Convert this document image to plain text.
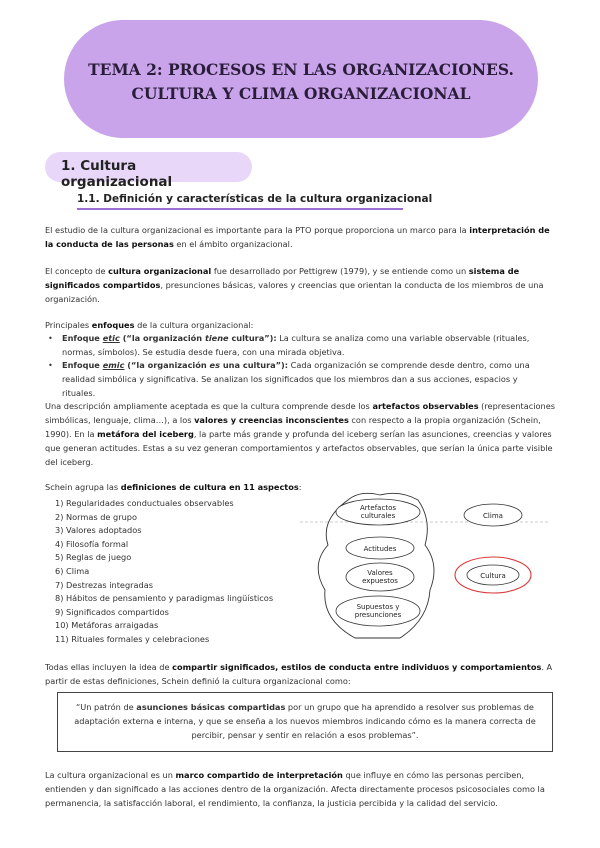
TEMA 2: PROCESOS EN LAS ORGANIZACIONES.
CULTURA Y CLIMA ORGANIZACIONAL
1. Cultura organizacional
1.1. Definición y características de la cultura organizacional

El estudio de la cultura organizacional es importante para la PTO porque proporciona un marco para la interpretación de la conducta de las personas en el ámbito organizacional.

El concepto de cultura organizacional fue desarrollado por Pettigrew (1979), y se entiende como un sistema de significados compartidos, presunciones básicas, valores y creencias que orientan la conducta de los miembros de una organización.

Principales enfoques de la cultura organizacional:

• Enfoque etic (“la organización tiene cultura”): La cultura se analiza como una variable observable (rituales, normas, símbolos). Se estudia desde fuera, con una mirada objetiva.
• Enfoque emic (“la organización es una cultura”): Cada organización se comprende desde dentro, como una realidad simbólica y significativa. Se analizan los significados que los miembros dan a sus acciones, espacios y rituales.

Una descripción ampliamente aceptada es que la cultura comprende desde los artefactos observables (representaciones simbólicas, lenguaje, clima…), a los valores y creencias inconscientes con respecto a la propia organización (Schein, 1990). En la metáfora del iceberg, la parte más grande y profunda del iceberg serían las asunciones, creencias y valores que generan actitudes. Estas a su vez generan comportamientos y artefactos observables, que serían la única parte visible del iceberg.

Schein agrupa las definiciones de cultura en 11 aspectos:

1) Regularidades conductuales observables
2) Normas de grupo
3) Valores adoptados
4) Filosofía formal
5) Reglas de juego
6) Clima
7) Destrezas integradas
8) Hábitos de pensamiento y paradigmas lingüísticos
9) Significados compartidos
10) Metáforas arraigadas
11) Rituales formales y celebraciones
Artefactos
culturales
Actitudes
Valores
expuestos
Supuestos y
presunciones
Clima
Cultura

Todas ellas incluyen la idea de compartir significados, estilos de conducta entre individuos y comportamientos. A partir de estas definiciones, Schein definió la cultura organizacional como:

“Un patrón de asunciones básicas compartidas por un grupo que ha aprendido a resolver sus problemas de adaptación externa e interna, y que se enseña a los nuevos miembros indicando cómo es la manera correcta de percibir, pensar y sentir en relación a esos problemas”.

La cultura organizacional es un marco compartido de interpretación que influye en cómo las personas perciben, entienden y dan significado a las acciones dentro de la organización. Afecta directamente procesos psicosociales como la permanencia, la satisfacción laboral, el rendimiento, la confianza, la justicia percibida y la calidad del servicio.
